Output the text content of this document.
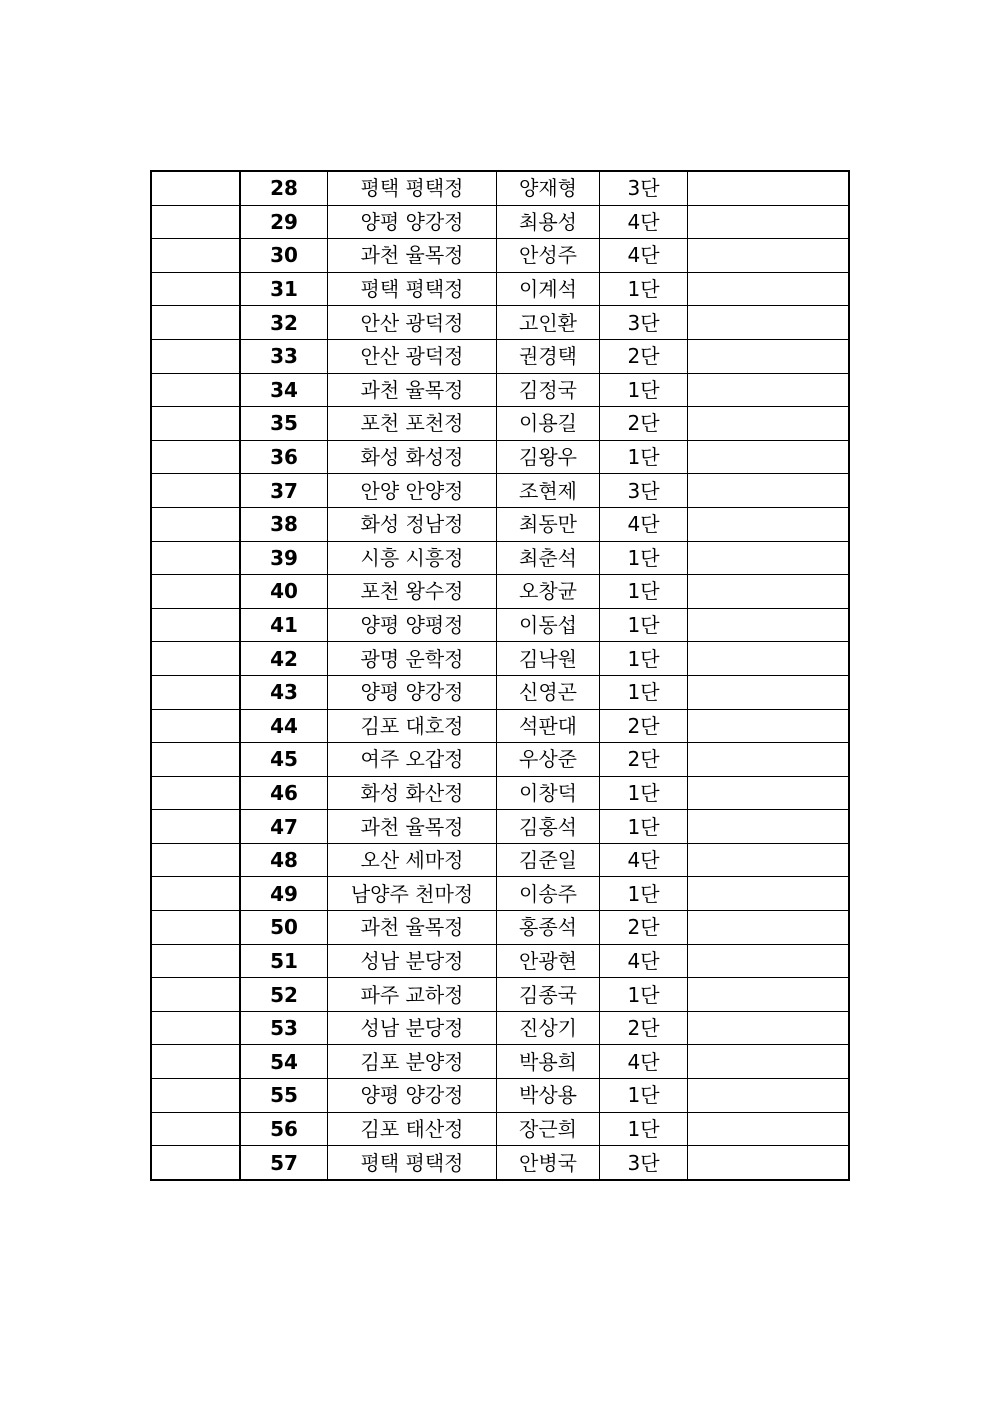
	28	평택 평택정	양재형	3단	
	29	양평 양강정	최용성	4단	
	30	과천 율목정	안성주	4단	
	31	평택 평택정	이계석	1단	
	32	안산 광덕정	고인환	3단	
	33	안산 광덕정	권경택	2단	
	34	과천 율목정	김정국	1단	
	35	포천 포천정	이용길	2단	
	36	화성 화성정	김왕우	1단	
	37	안양 안양정	조현제	3단	
	38	화성 정남정	최동만	4단	
	39	시흥 시흥정	최춘석	1단	
	40	포천 왕수정	오창균	1단	
	41	양평 양평정	이동섭	1단	
	42	광명 운학정	김낙원	1단	
	43	양평 양강정	신영곤	1단	
	44	김포 대호정	석판대	2단	
	45	여주 오갑정	우상준	2단	
	46	화성 화산정	이창덕	1단	
	47	과천 율목정	김홍석	1단	
	48	오산 세마정	김준일	4단	
	49	남양주 천마정	이송주	1단	
	50	과천 율목정	홍종석	2단	
	51	성남 분당정	안광현	4단	
	52	파주 교하정	김종국	1단	
	53	성남 분당정	진상기	2단	
	54	김포 분양정	박용희	4단	
	55	양평 양강정	박상용	1단	
	56	김포 태산정	장근희	1단	
	57	평택 평택정	안병국	3단	
